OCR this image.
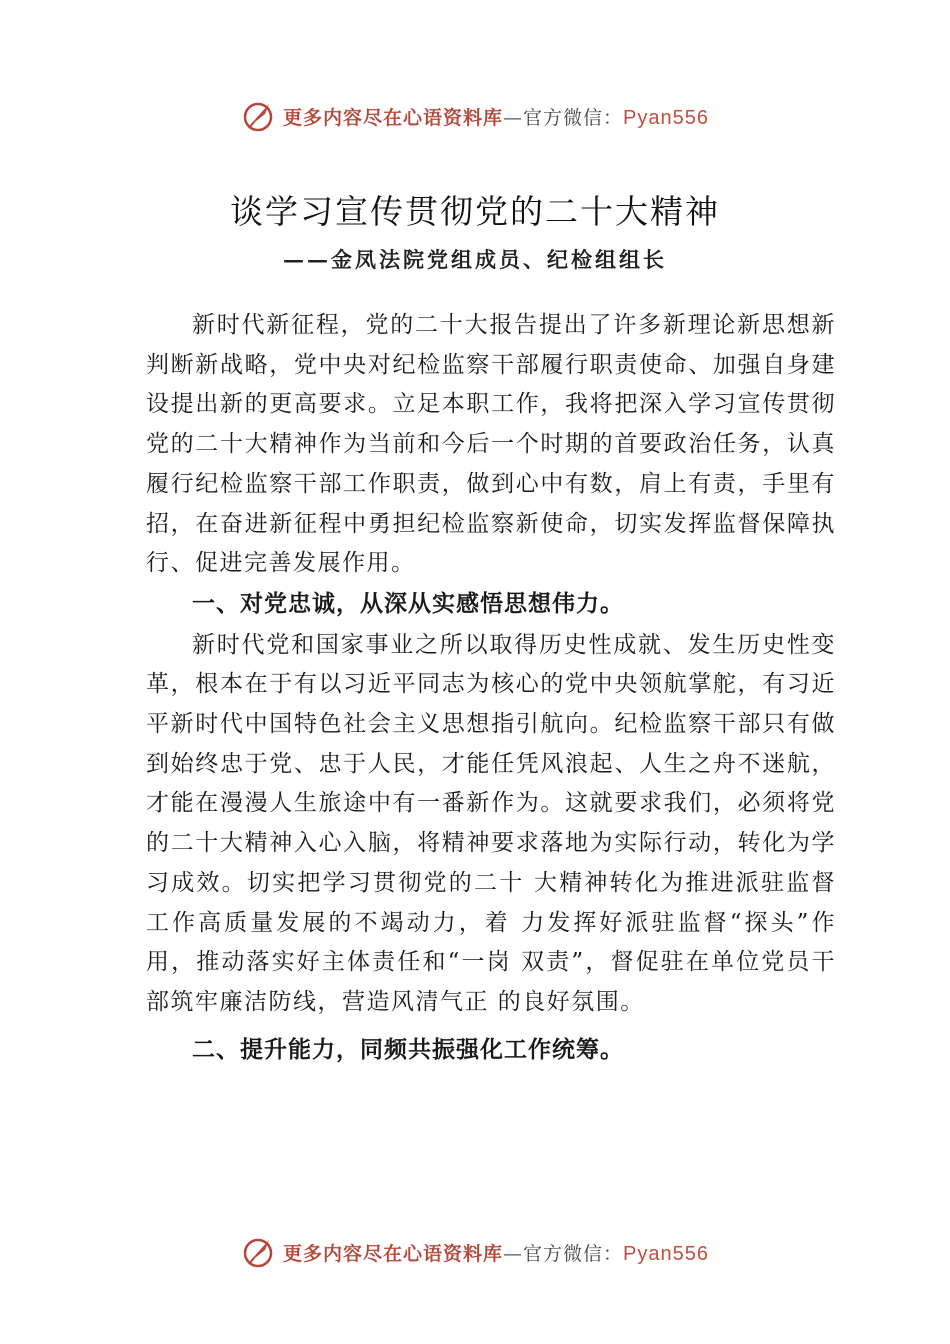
更多内容尽在心语资料库—官方微信：Pyan556
谈学习宣传贯彻党的二十大精神
——金凤法院党组成员、纪检组组长

新时代新征程，党的二十大报告提出了许多新理论新思想新判断新战略，党中央对纪检监察干部履行职责使命、加强自身建设提出新的更高要求。立足本职工作，我将把深入学习宣传贯彻党的二十大精神作为当前和今后一个时期的首要政治任务，认真履行纪检监察干部工作职责，做到心中有数，肩上有责，手里有招，在奋进新征程中勇担纪检监察新使命，切实发挥监督保障执行、促进完善发展作用。

一、对党忠诚，从深从实感悟思想伟力。

新时代党和国家事业之所以取得历史性成就、发生历史性变革，根本在于有以习近平同志为核心的党中央领航掌舵，有习近平新时代中国特色社会主义思想指引航向。纪检监察干部只有做到始终忠于党、忠于人民，才能任凭风浪起、人生之舟不迷航，才能在漫漫人生旅途中有一番新作为。这就要求我们，必须将党的二十大精神入心入脑，将精神要求落地为实际行动，转化为学习成效。切实把学习贯彻党的二十 大精神转化为推进派驻监督工作高质量发展的不竭动力，着 力发挥好派驻监督“探头”作用，推动落实好主体责任和“一岗 双责”，督促驻在单位党员干部筑牢廉洁防线，营造风清气正 的良好氛围。

二、提升能力，同频共振强化工作统筹。
更多内容尽在心语资料库—官方微信：Pyan556
